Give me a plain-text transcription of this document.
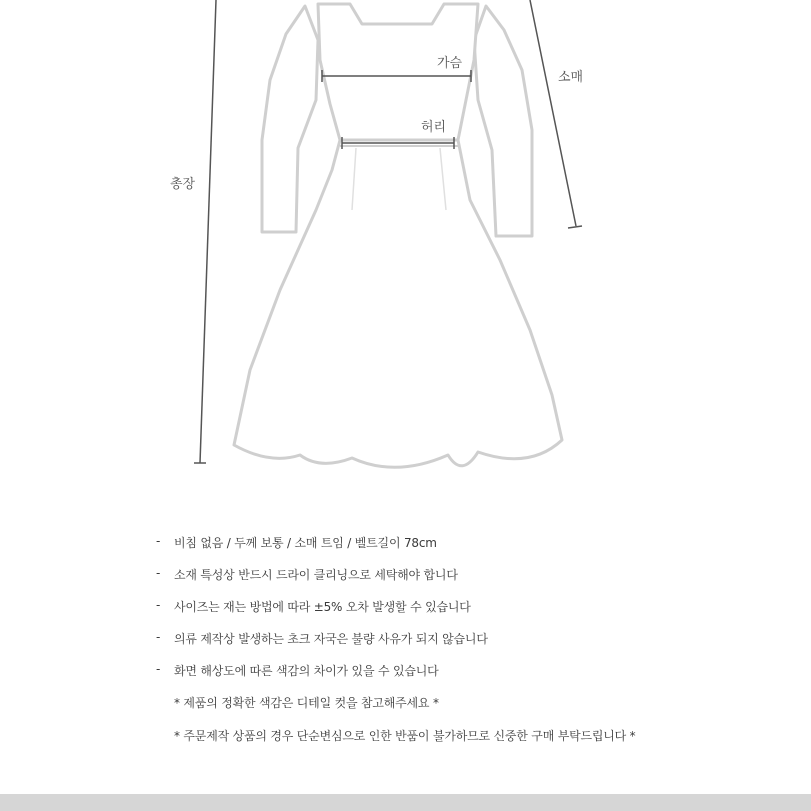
가슴
소매
허리
총장
- 비침 없음 / 두께 보통 / 소매 트임 / 벨트길이 78cm
- 소재 특성상 반드시 드라이 클리닝으로 세탁해야 합니다
- 사이즈는 재는 방법에 따라 ±5% 오차 발생할 수 있습니다
- 의류 제작상 발생하는 초크 자국은 불량 사유가 되지 않습니다
- 화면 해상도에 따른 색감의 차이가 있을 수 있습니다
* 제품의 정확한 색감은 디테일 컷을 참고해주세요 *
* 주문제작 상품의 경우 단순변심으로 인한 반품이 불가하므로 신중한 구매 부탁드립니다 *
